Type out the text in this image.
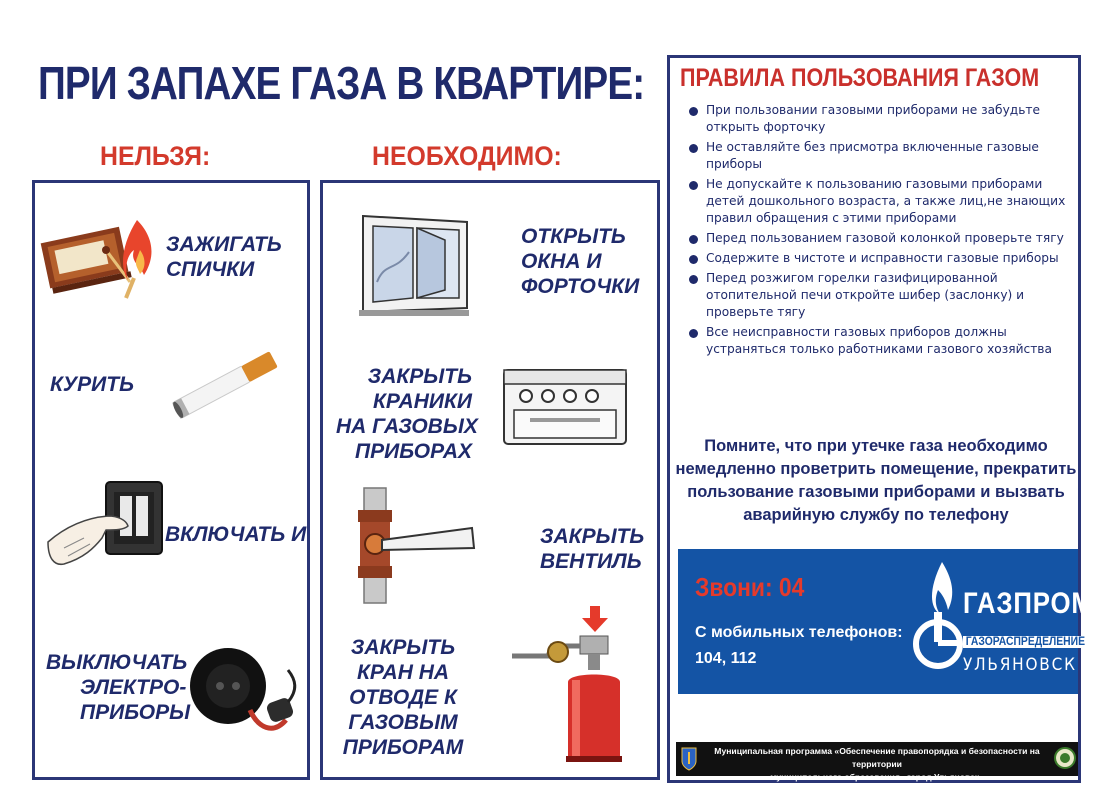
ПРИ ЗАПАХЕ ГАЗА В КВАРТИРЕ:
НЕЛЬЗЯ:	НЕОБХОДИМО:
ЗАЖИГАТЬ
СПИЧКИ
КУРИТЬ
ВКЛЮЧАТЬ И
ВЫКЛЮЧАТЬ
ЭЛЕКТРО-
ПРИБОРЫ
ОТКРЫТЬ
ОКНА И
ФОРТОЧКИ
ЗАКРЫТЬ
КРАНИКИ
НА ГАЗОВЫХ
ПРИБОРАХ
ЗАКРЫТЬ
ВЕНТИЛЬ
ЗАКРЫТЬ
КРАН НА
ОТВОДЕ К
ГАЗОВЫМ
ПРИБОРАМ
ПРАВИЛА ПОЛЬЗОВАНИЯ ГАЗОМ
При пользовании газовыми приборами не забудьте открыть форточку
Не оставляйте без присмотра включенные газовые приборы
Не допускайте к пользованию газовыми приборами детей дошкольного возраста, а также лиц,не знающих правил обращения с этими приборами
Перед пользованием газовой колонкой проверьте тягу
Содержите в чистоте и исправности газовые приборы
Перед розжигом горелки газифицированной отопительной печи откройте шибер (заслонку) и проверьте тягу
Все неисправности газовых приборов должны устраняться только работниками газового хозяйства
Помните, что при утечке газа необходимо немедленно проветрить помещение, прекратить пользование газовыми приборами и вызвать аварийную службу по телефону
Звони: 04
С мобильных телефонов:
104, 112
ГАЗПРОМ
ГАЗОРАСПРЕДЕЛЕНИЕ
УЛЬЯНОВСК
Муниципальная программа «Обеспечение правопорядка и безопасности на территории
муниципального образования «город Ульяновск»
